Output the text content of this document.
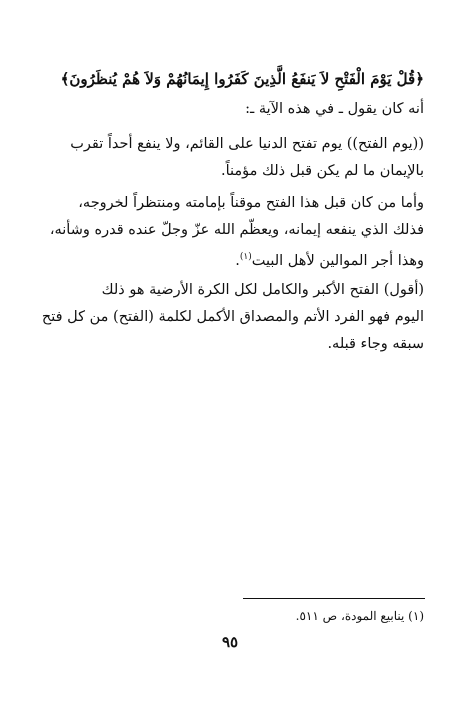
﴿قُلْ يَوْمَ الْفَتْحِ لاَ يَنفَعُ الَّذِينَ كَفَرُوا إِيمَانُهُمْ وَلاَ هُمْ يُنظَرُونَ﴾
أنه كان يقول ـ في هذه الآية ـ:
((يوم الفتح)) يوم تفتح الدنيا على القائم، ولا ينفع أحداً تقرب
بالإيمان ما لم يكن قبل ذلك مؤمناً.
وأما من كان قبل هذا الفتح موقناً بإمامته ومنتظراً لخروجه،
فذلك الذي ينفعه إيمانه، ويعظّم الله عزّ وجلّ عنده قدره وشأنه،
وهذا أجر الموالين لأهل البيت$^{(١)}$.
(أقول) الفتح الأكبر والكامل لكل الكرة الأرضية هو ذلك
اليوم فهو الفرد الأتم والمصداق الأكمل لكلمة (الفتح) من كل فتح
سبقه وجاء قبله.
(١) ينابيع المودة، ص ٥١١.
٩٥
